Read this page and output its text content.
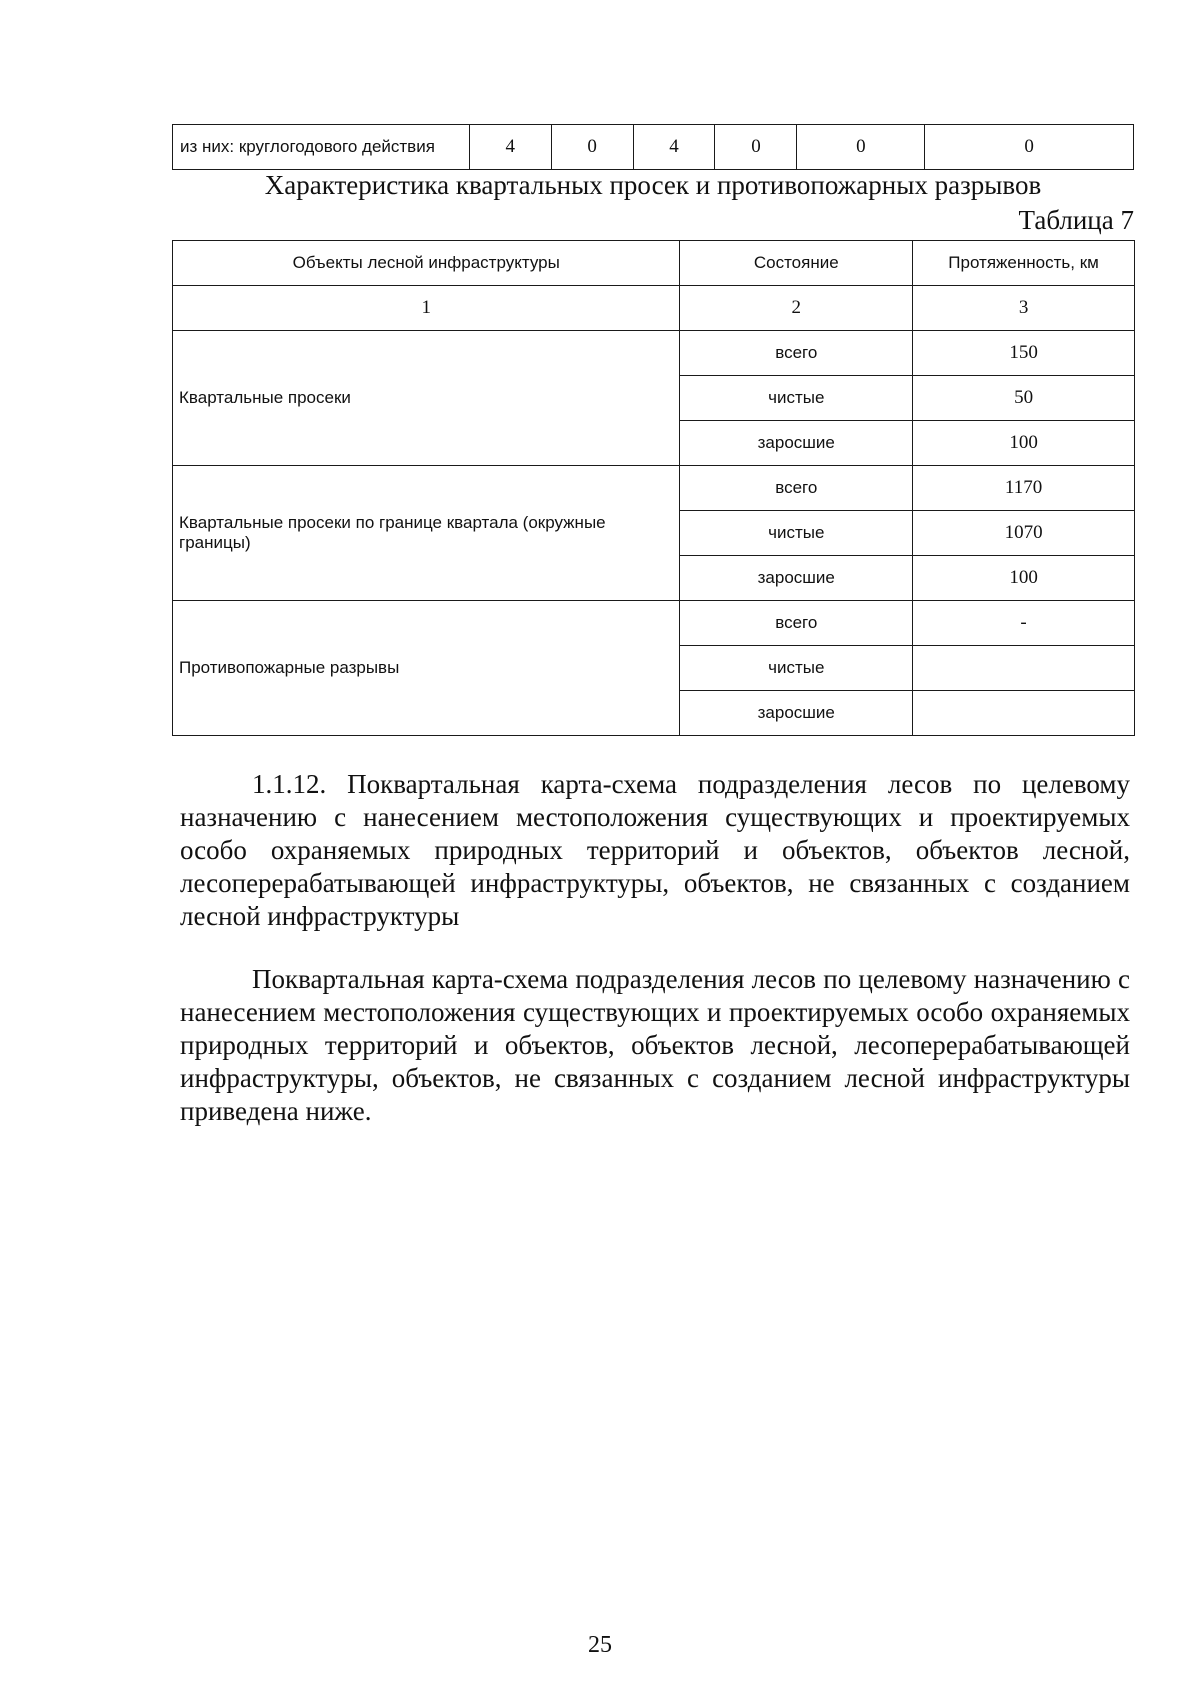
из них: круглогодового действия	4	0	4	0	0	0
Характеристика квартальных просек и противопожарных разрывов
Таблица 7
Объекты лесной инфраструктуры	Состояние	Протяженность, км
1	2	3
Квартальные просеки	всего	150
	чистые	50
	заросшие	100
Квартальные просеки по границе квартала (окружные границы)	всего	1170
	чистые	1070
	заросшие	100
Противопожарные разрывы	всего	-
	чистые	
	заросшие	

1.1.12. Поквартальная карта-схема подразделения лесов по целевому назначению с нанесением местоположения существующих и проектируемых особо охраняемых природных территорий и объектов, объектов лесной, лесоперерабатывающей инфраструктуры, объектов, не связанных с созданием лесной инфраструктуры

Поквартальная карта-схема подразделения лесов по целевому назначению с нанесением местоположения существующих и проектируемых особо охраняемых природных территорий и объектов, объектов лесной, лесоперерабатывающей инфраструктуры, объектов, не связанных с созданием лесной инфраструктуры приведена ниже.

25
